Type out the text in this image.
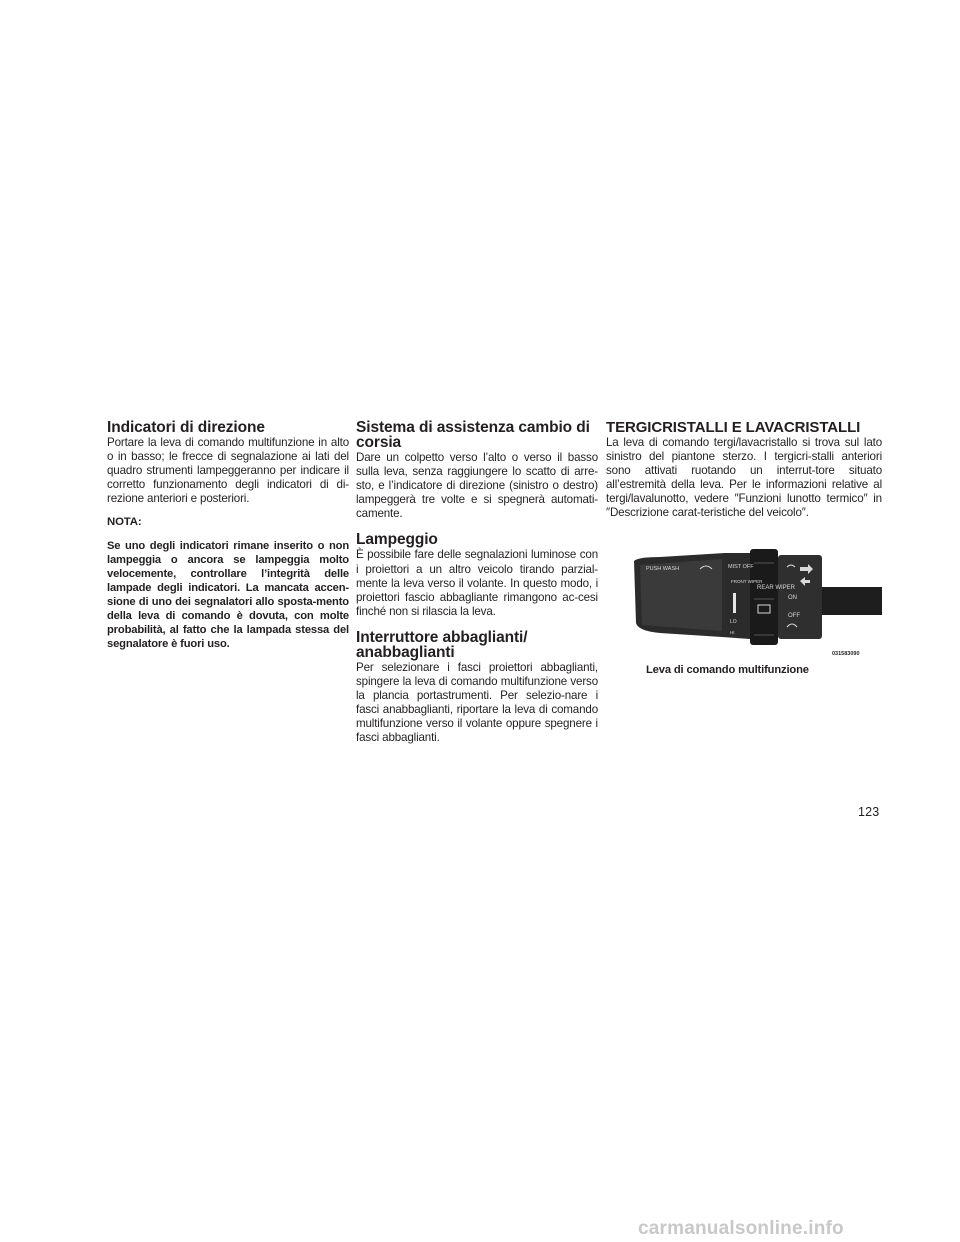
Indicatori di direzione

Portare la leva di comando multifunzione in alto o in basso; le frecce di segnalazione ai lati del quadro strumenti lampeggeranno per indicare il corretto funzionamento degli indicatori di di-rezione anteriori e posteriori.

NOTA:

Se uno degli indicatori rimane inserito o non lampeggia o ancora se lampeggia molto velocemente, controllare l’integrità delle lampade degli indicatori. La mancata accen-sione di uno dei segnalatori allo sposta-mento della leva di comando è dovuta, con molte probabilità, al fatto che la lampada stessa del segnalatore è fuori uso.

Sistema di assistenza cambio di corsia

Dare un colpetto verso l’alto o verso il basso sulla leva, senza raggiungere lo scatto di arre-sto, e l’indicatore di direzione (sinistro o destro) lampeggerà tre volte e si spegnerà automati-camente.

Lampeggio

È possibile fare delle segnalazioni luminose con i proiettori a un altro veicolo tirando parzial-mente la leva verso il volante. In questo modo, i proiettori fascio abbagliante rimangono ac-cesi finché non si rilascia la leva.

Interruttore abbaglianti/ anabbaglianti

Per selezionare i fasci proiettori abbaglianti, spingere la leva di comando multifunzione verso la plancia portastrumenti. Per selezio-nare i fasci anabbaglianti, riportare la leva di comando multifunzione verso il volante oppure spegnere i fasci abbaglianti.

TERGICRISTALLI E LAVACRISTALLI

La leva di comando tergi/lavacristallo si trova sul lato sinistro del piantone sterzo. I tergicri-stalli anteriori sono attivati ruotando un interrut-tore situato all’estremità della leva. Per le informazioni relative al tergi/lavalunotto, vedere ″Funzioni lunotto termico″ in ″Descrizione carat-teristiche del veicolo″.

PUSH WASH	MIST OFF
FRONT WIPER
REAR WIPER
ON
OFF
LO
HI
031583090

Leva di comando multifunzione

123
carmanualsonline.info
